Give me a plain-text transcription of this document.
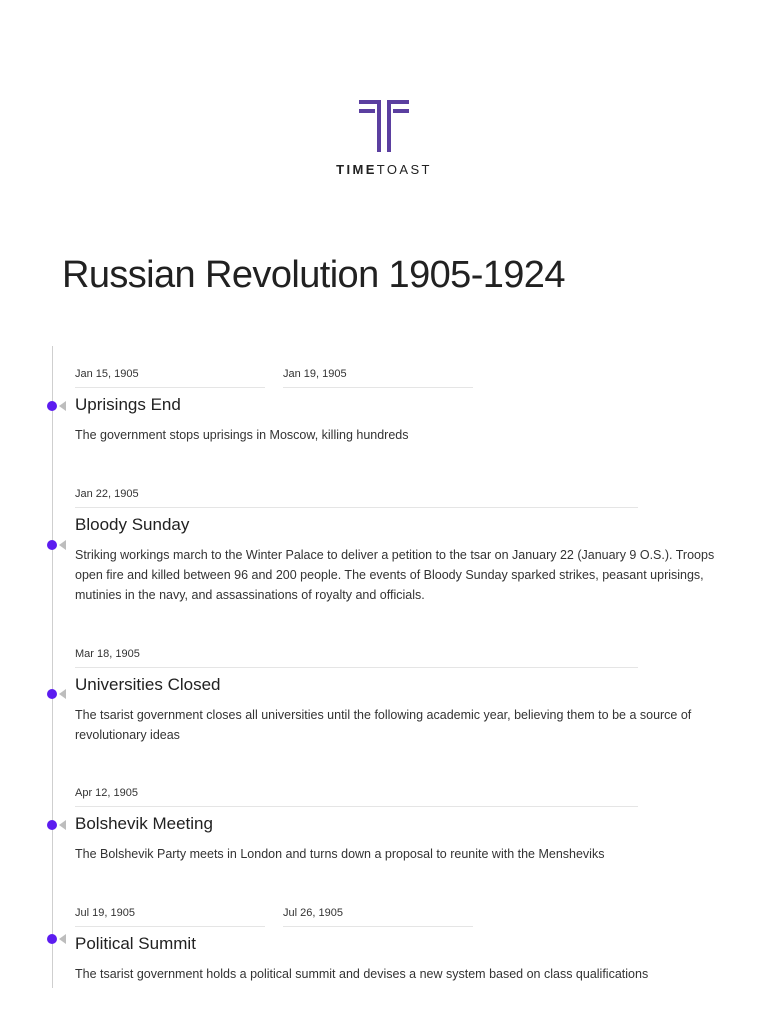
TIMETOAST
Russian Revolution 1905-1924
Jan 15, 1905	Jan 19, 1905
Uprisings End

The government stops uprisings in Moscow, killing hundreds

Jan 22, 1905
Bloody Sunday

Striking workings march to the Winter Palace to deliver a petition to the tsar on January 22 (January 9 O.S.). Troops open fire and killed between 96 and 200 people. The events of Bloody Sunday sparked strikes, peasant uprisings, mutinies in the navy, and assassinations of royalty and officials.

Mar 18, 1905
Universities Closed

The tsarist government closes all universities until the following academic year, believing them to be a source of revolutionary ideas

Apr 12, 1905
Bolshevik Meeting

The Bolshevik Party meets in London and turns down a proposal to reunite with the Mensheviks

Jul 19, 1905	Jul 26, 1905
Political Summit

The tsarist government holds a political summit and devises a new system based on class qualifications
